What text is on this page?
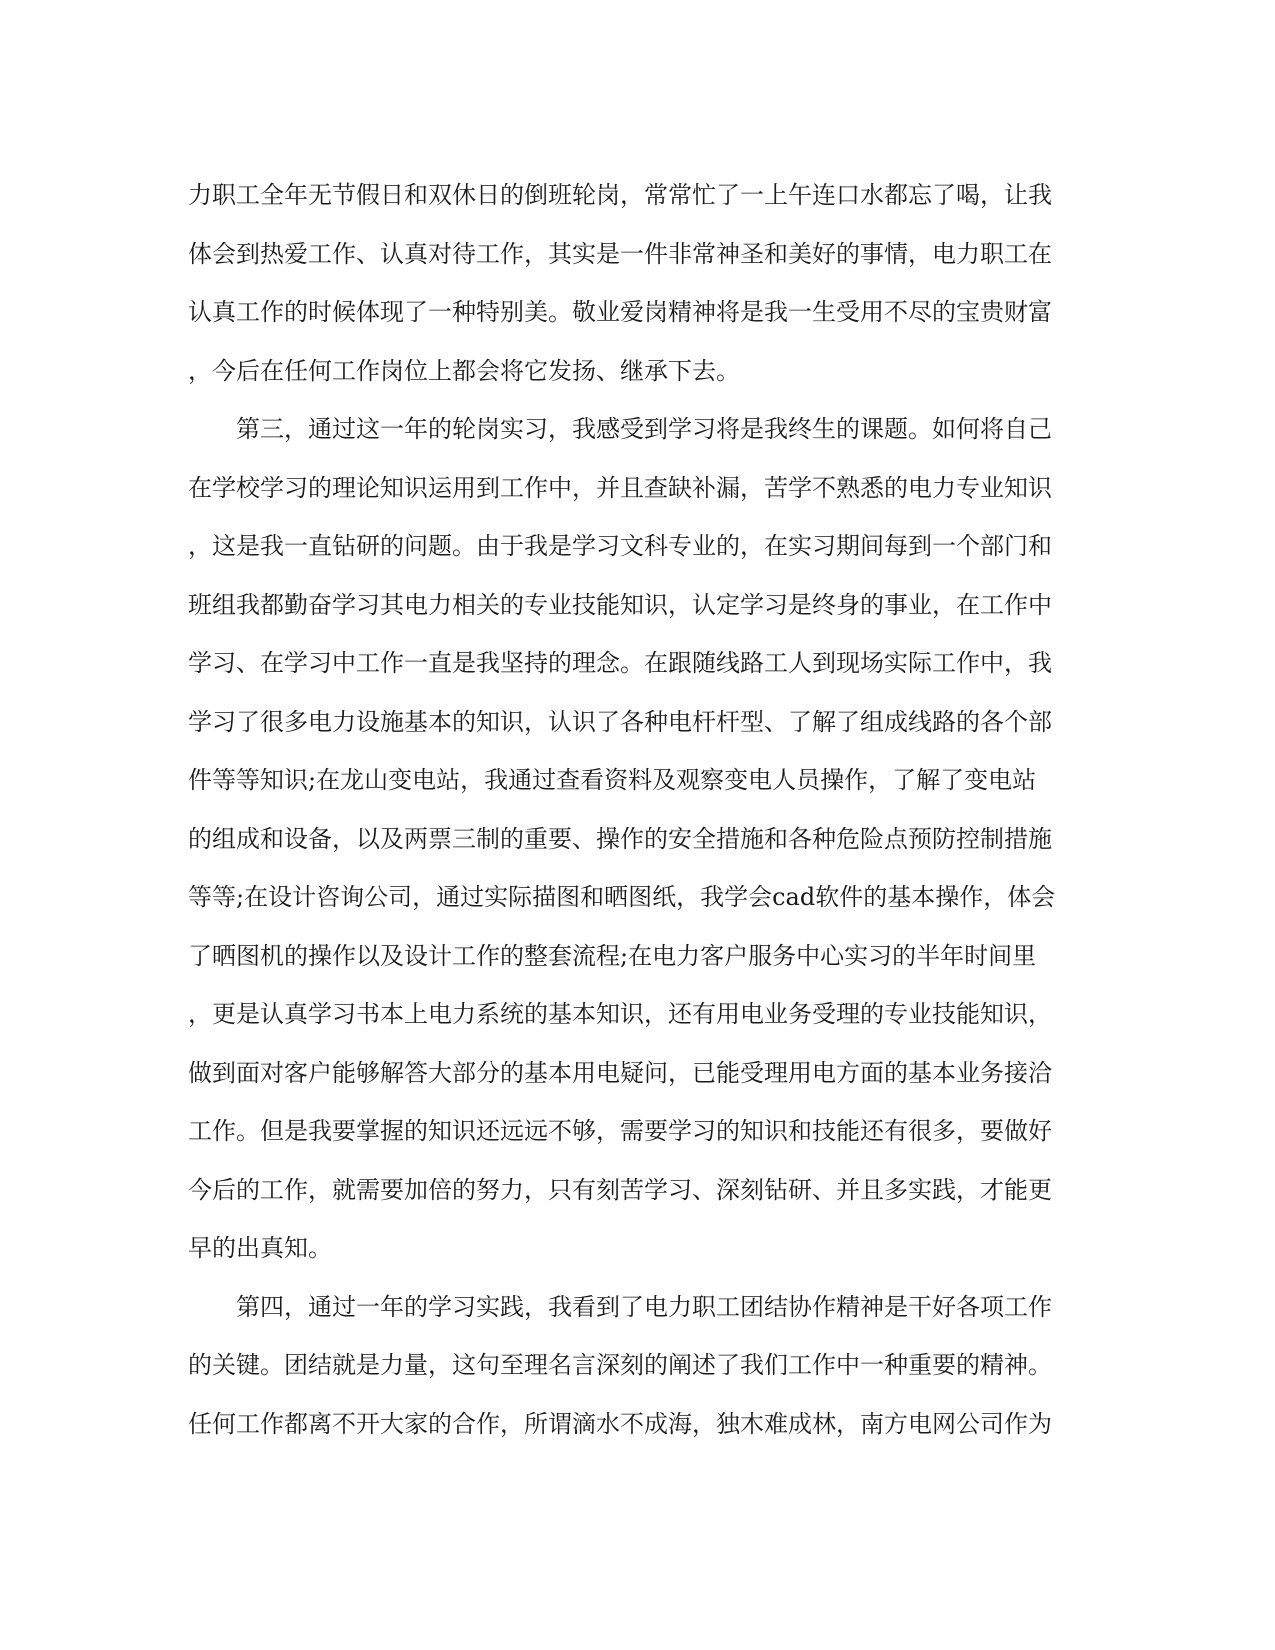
力职工全年无节假日和双休日的倒班轮岗，常常忙了一上午连口水都忘了喝，让我
体会到热爱工作、认真对待工作，其实是一件非常神圣和美好的事情，电力职工在
认真工作的时候体现了一种特别美。敬业爱岗精神将是我一生受用不尽的宝贵财富
，今后在任何工作岗位上都会将它发扬、继承下去。
第三，通过这一年的轮岗实习，我感受到学习将是我终生的课题。如何将自己
在学校学习的理论知识运用到工作中，并且查缺补漏，苦学不熟悉的电力专业知识
，这是我一直钻研的问题。由于我是学习文科专业的，在实习期间每到一个部门和
班组我都勤奋学习其电力相关的专业技能知识，认定学习是终身的事业，在工作中
学习、在学习中工作一直是我坚持的理念。在跟随线路工人到现场实际工作中，我
学习了很多电力设施基本的知识，认识了各种电杆杆型、了解了组成线路的各个部
件等等知识;在龙山变电站，我通过查看资料及观察变电人员操作，了解了变电站
的组成和设备，以及两票三制的重要、操作的安全措施和各种危险点预防控制措施
等等;在设计咨询公司，通过实际描图和晒图纸，我学会cad软件的基本操作，体会
了晒图机的操作以及设计工作的整套流程;在电力客户服务中心实习的半年时间里
，更是认真学习书本上电力系统的基本知识，还有用电业务受理的专业技能知识，
做到面对客户能够解答大部分的基本用电疑问，已能受理用电方面的基本业务接洽
工作。但是我要掌握的知识还远远不够，需要学习的知识和技能还有很多，要做好
今后的工作，就需要加倍的努力，只有刻苦学习、深刻钻研、并且多实践，才能更
早的出真知。
第四，通过一年的学习实践，我看到了电力职工团结协作精神是干好各项工作
的关键。团结就是力量，这句至理名言深刻的阐述了我们工作中一种重要的精神。
任何工作都离不开大家的合作，所谓滴水不成海，独木难成林，南方电网公司作为
